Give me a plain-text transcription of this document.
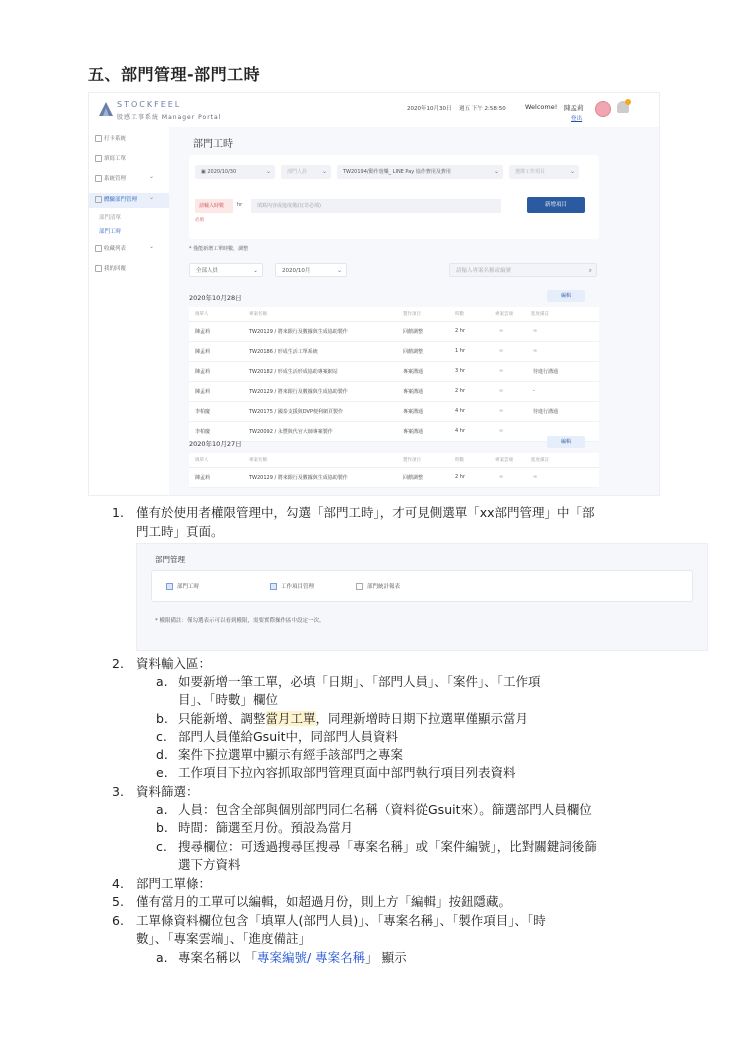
五、部門管理-部門工時
STOCKFEEL
股感工事系統 Manager Portal
2020年10月30日 週五 下午 2:58:50	Welcome! 陳孟莉
登出
打卡系統
填寫工單
系統管理	⌄
體驗部門管理 ⌄
部門清單
部門工時
收藏列表	⌄
我的回覆
部門工時
▣ 2020/10/30	⌄	部門人員 ⌄	TW20194/動作遊樂_ LINE Pay 協作費用及費用	⌄	選擇工作項目	⌄
請輸入時數	hr	填寫內容或進度備註(非必填)
必填
新增項目
* 僅能新增工單時數，調整
全部人員	⌄	2020/10月	⌄	請輸入專案名稱或編號	⌕
2020年10月28日	編輯
填單人	專案名稱	製作項目	時數	專案雲端	進度備註
陳孟莉	TW20129 / 將來銀行及數據與生成協助製作	回饋調整	2 hr	∞	∞
陳孟莉	TW20186 / 形成生活工單系統	回饋調整	1 hr	∞	∞
陳孟莉	TW20182 / 形成生活形成協助專案網站	專案溝通	3 hr	∞	待進行溝通
陳孟莉	TW20129 / 將來銀行及數據與生成協助製作	專案溝通	2 hr	∞	-
李柏慶	TW20175 / 國泰支援與DVP便利網頁製作	專案溝通	4 hr	∞	待進行溝通
李柏慶	TW20092 / 永豐與代官大師專案製作	專案溝通	4 hr	∞
2020年10月27日	編輯
填單人	專案名稱	製作項目	時數	專案雲端	進度備註
陳孟莉	TW20129 / 將來銀行及數據與生成協助製作	回饋調整	2 hr	∞	∞
1. 僅有於使用者權限管理中，勾選「部門工時」，才可見側選單「xx部門管理」中「部
門工時」頁面。
部門管理
部門工時	工作項目管理	部門統計報表
* 權限備註：僅勾選表示可以看到權限，需要實際操作區中設定一次。
2. 資料輸入區：
a. 如要新增一筆工單，必填「日期」、「部門人員」、「案件」、「工作項
目」、「時數」欄位
b. 只能新增、調整當月工單，同理新增時日期下拉選單僅顯示當月
c. 部門人員僅給Gsuit中，同部門人員資料
d. 案件下拉選單中顯示有經手該部門之專案
e. 工作項目下拉內容抓取部門管理頁面中部門執行項目列表資料
3. 資料篩選：
a. 人員：包含全部與個別部門同仁名稱（資料從Gsuit來）。篩選部門人員欄位
b. 時間：篩選至月份。預設為當月
c. 搜尋欄位：可透過搜尋匡搜尋「專案名稱」或「案件編號」，比對關鍵詞後篩
選下方資料
4. 部門工單條：
5. 僅有當月的工單可以編輯，如超過月份，則上方「編輯」按鈕隱藏。
6. 工單條資料欄位包含「填單人(部門人員)」、「專案名稱」、「製作項目」、「時
數」、「專案雲端」、「進度備註」
a. 專案名稱以 「專案編號/ 專案名稱」 顯示
